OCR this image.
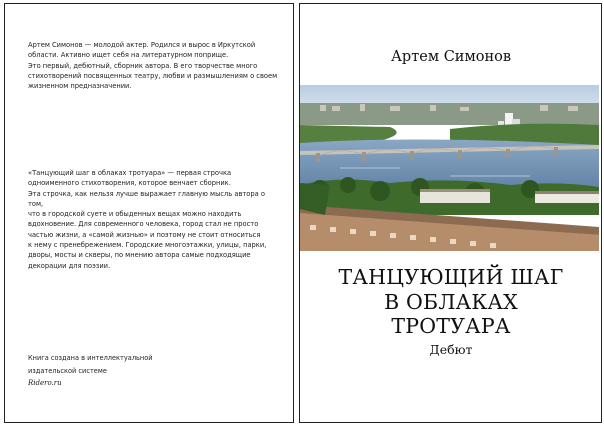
Артем Симонов — молодой актер. Родился и вырос в Иркутской

области. Активно ищет себя на литературном поприще.

Это первый, дебютный, сборник автора. В его творчестве много

стихотворений посвященных театру, любви и размышлениям о своем

жизненном предназначении.

«Танцующий шаг в облаках тротуара» — первая строчка

одноименного стихотворения, которое венчает сборник.

Эта строчка, как нельзя лучше выражает главную мысль автора о том,

что в городской суете и обыденных вещах можно находить

вдохновение. Для современного человека, город стал не просто

частью жизни, а «самой жизнью» и поэтому не стоит относиться

к нему с пренебрежением. Городские многоэтажки, улицы, парки,

дворы, мосты и скверы, по мнению автора самые подходящие

декорации для поэзии.

Книга создана в интеллектуальной

издательской системе

Ridero.ru

Артем Симонов
ТАНЦУЮЩИЙ ШАГ
В ОБЛАКАХ
ТРОТУАРА
Дебют
